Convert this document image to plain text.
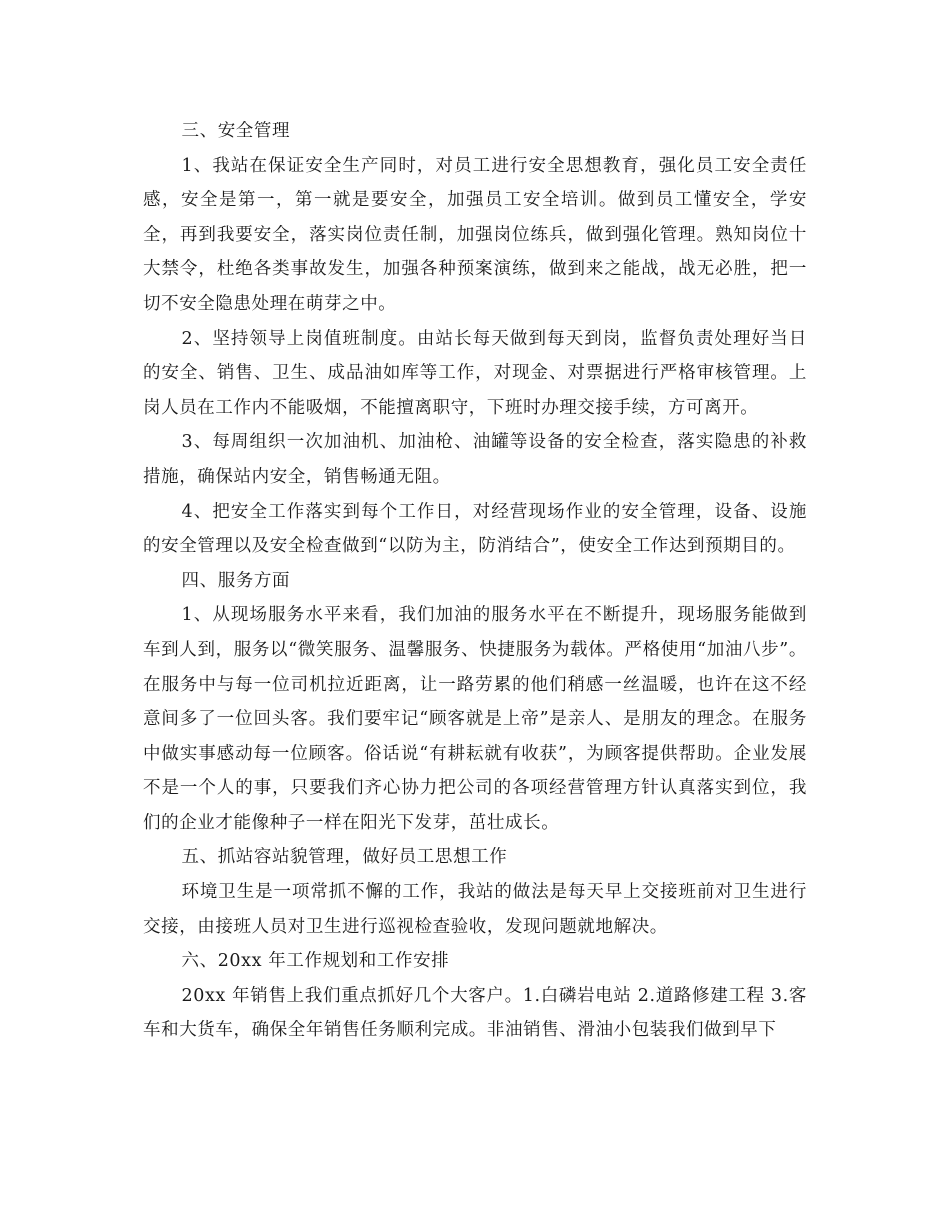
三、安全管理

1、我站在保证安全生产同时，对员工进行安全思想教育，强化员工安全责任感，安全是第一，第一就是要安全，加强员工安全培训。做到员工懂安全，学安全，再到我要安全，落实岗位责任制，加强岗位练兵，做到强化管理。熟知岗位十大禁令，杜绝各类事故发生，加强各种预案演练，做到来之能战，战无必胜，把一切不安全隐患处理在萌芽之中。

2、坚持领导上岗值班制度。由站长每天做到每天到岗，监督负责处理好当日的安全、销售、卫生、成品油如库等工作，对现金、对票据进行严格审核管理。上岗人员在工作内不能吸烟，不能擅离职守，下班时办理交接手续，方可离开。

3、每周组织一次加油机、加油枪、油罐等设备的安全检查，落实隐患的补救措施，确保站内安全，销售畅通无阻。

4、把安全工作落实到每个工作日，对经营现场作业的安全管理，设备、设施的安全管理以及安全检查做到“以防为主，防消结合”，使安全工作达到预期目的。

四、服务方面

1、从现场服务水平来看，我们加油的服务水平在不断提升，现场服务能做到车到人到，服务以“微笑服务、温馨服务、快捷服务为载体。严格使用“加油八步”。在服务中与每一位司机拉近距离，让一路劳累的他们稍感一丝温暖，也许在这不经意间多了一位回头客。我们要牢记“顾客就是上帝”是亲人、是朋友的理念。在服务中做实事感动每一位顾客。俗话说“有耕耘就有收获”，为顾客提供帮助。企业发展不是一个人的事，只要我们齐心协力把公司的各项经营管理方针认真落实到位，我们的企业才能像种子一样在阳光下发芽，茁壮成长。

五、抓站容站貌管理，做好员工思想工作

环境卫生是一项常抓不懈的工作，我站的做法是每天早上交接班前对卫生进行交接，由接班人员对卫生进行巡视检查验收，发现问题就地解决。

六、20xx 年工作规划和工作安排

20xx 年销售上我们重点抓好几个大客户。1.白磷岩电站 2.道路修建工程 3.客车和大货车，确保全年销售任务顺利完成。非油销售、滑油小包装我们做到早下
